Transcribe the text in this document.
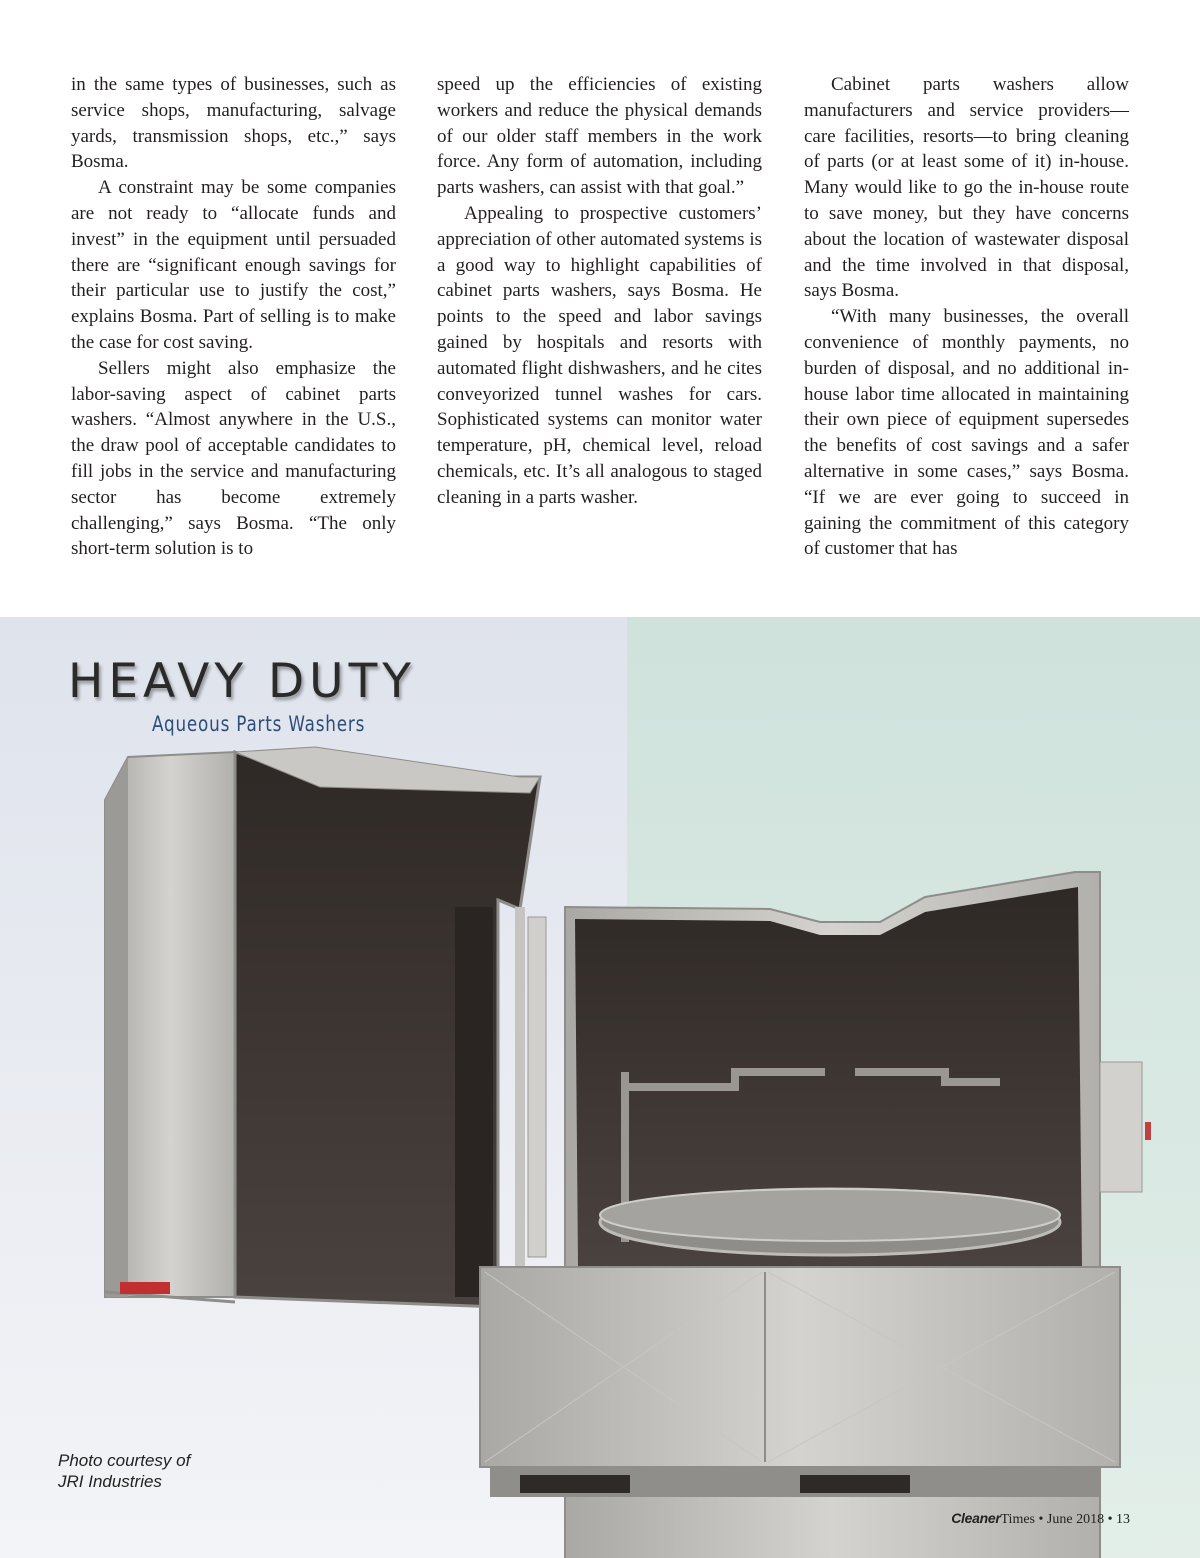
in the same types of businesses, such as service shops, manufacturing, salvage yards, transmission shops, etc.,” says Bosma.

A constraint may be some companies are not ready to “allocate funds and invest” in the equipment until persuaded there are “significant enough savings for their particular use to justify the cost,” explains Bosma. Part of selling is to make the case for cost saving.

Sellers might also emphasize the labor-saving aspect of cabinet parts washers. “Almost anywhere in the U.S., the draw pool of acceptable candidates to fill jobs in the service and manufacturing sector has become extremely challenging,” says Bosma. “The only short-term solution is to

speed up the efficiencies of existing workers and reduce the physical demands of our older staff members in the work force. Any form of automation, including parts washers, can assist with that goal.”

Appealing to prospective customers’ appreciation of other automated systems is a good way to highlight capabilities of cabinet parts washers, says Bosma. He points to the speed and labor savings gained by hospitals and resorts with automated flight dishwashers, and he cites conveyorized tunnel washes for cars. Sophisticated systems can monitor water temperature, pH, chemical level, reload chemicals, etc. It’s all analogous to staged cleaning in a parts washer.

Cabinet parts washers allow manufacturers and service providers—care facilities, resorts—to bring cleaning of parts (or at least some of it) in-house. Many would like to go the in-house route to save money, but they have concerns about the location of wastewater disposal and the time involved in that disposal, says Bosma.

“With many businesses, the overall convenience of monthly payments, no burden of disposal, and no additional in-house labor time allocated in maintaining their own piece of equipment supersedes the benefits of cost savings and a safer alternative in some cases,” says Bosma. “If we are ever going to succeed in gaining the commitment of this category of customer that has

HEAVY DUTY
Aqueous Parts Washers
Photo courtesy of
JRI Industries
CleanerTimes • June 2018 • 13
